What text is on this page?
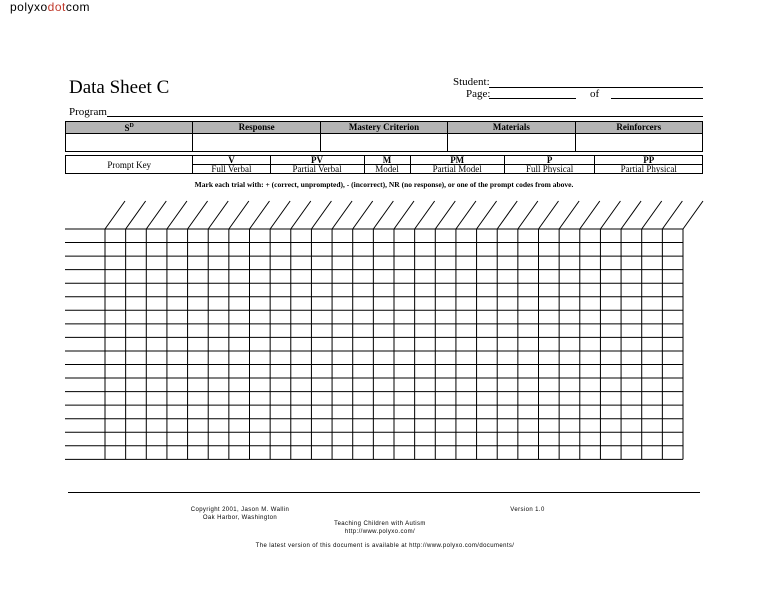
Data Sheet C	Student:
Page:	of
Program
$S^D$	Response	Mastery Criterion	Materials	Reinforcers

Prompt Key	V	PV	M	PM	P	PP
	Full Verbal	Partial Verbal	Model	Partial Model	Full Physical	Partial Physical
Mark each trial with: + (correct, unprompted), - (incorrect), NR (no response), or one of the prompt codes from above.
Copyright 2001, Jason M. Wallin
Oak Harbor, Washington
polyxodotcom
Teaching Children with Autism
http://www.polyxo.com/
Version 1.0
The latest version of this document is available at http://www.polyxo.com/documents/
